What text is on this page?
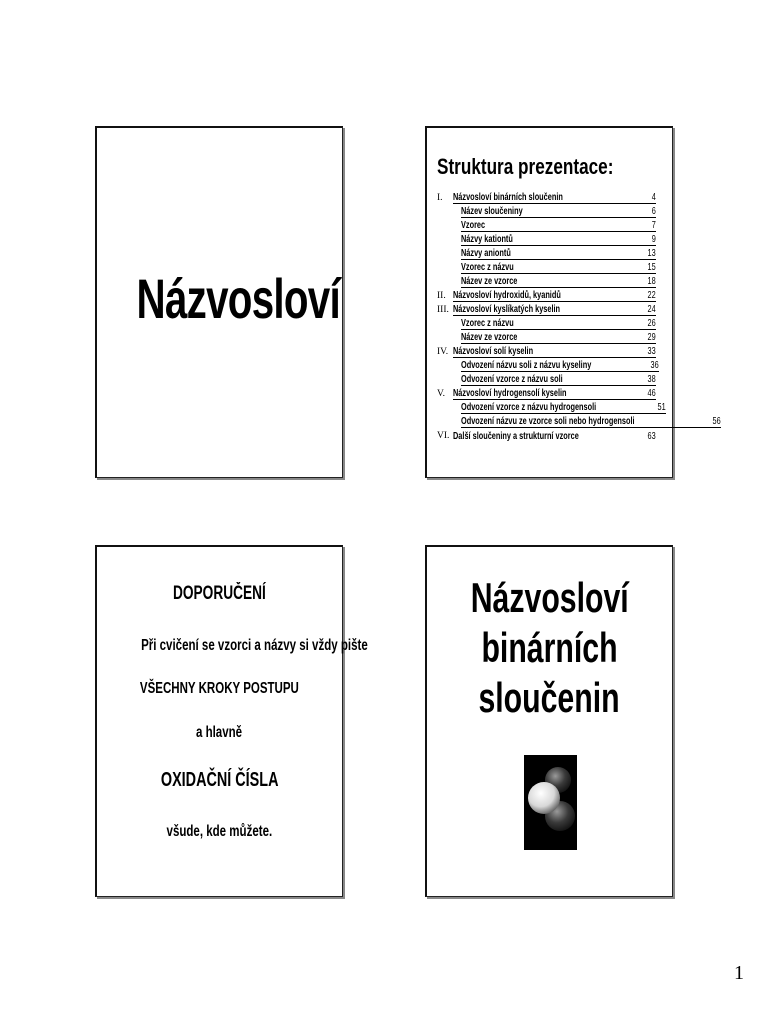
Názvosloví
Struktura prezentace:
I. Názvosloví binárních sloučenin	4
Název sloučeniny	6
Vzorec	7
Názvy kationtů	9
Názvy aniontů	13
Vzorec z názvu	15
Název ze vzorce	18
II. Názvosloví hydroxidů, kyanidů	22
III. Názvosloví kyslíkatých kyselin	24
Vzorec z názvu	26
Název ze vzorce	29
IV. Názvosloví solí kyselin	33
Odvození názvu soli z názvu kyseliny	36
Odvození vzorce z názvu soli	38
V. Názvosloví hydrogensolí kyselin	46
Odvození vzorce z názvu hydrogensoli	51
Odvození názvu ze vzorce soli nebo hydrogensoli	56
VI. Další sloučeniny a strukturní vzorce	63
DOPORUČENÍ
Při cvičení se vzorci a názvy si vždy pište
VŠECHNY KROKY POSTUPU
a hlavně
OXIDAČNÍ ČÍSLA
všude, kde můžete.
Názvosloví
binárních
sloučenin
1
